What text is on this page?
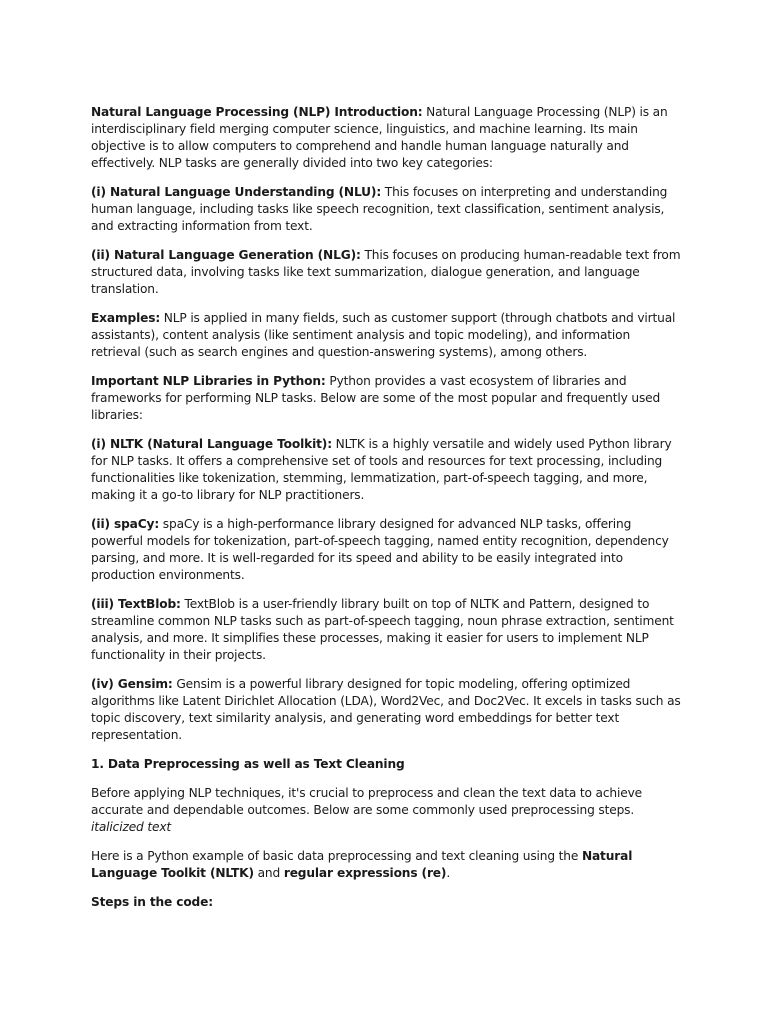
Natural Language Processing (NLP) Introduction: Natural Language Processing (NLP) is an interdisciplinary field merging computer science, linguistics, and machine learning. Its main objective is to allow computers to comprehend and handle human language naturally and effectively. NLP tasks are generally divided into two key categories:

(i) Natural Language Understanding (NLU): This focuses on interpreting and understanding human language, including tasks like speech recognition, text classification, sentiment analysis, and extracting information from text.

(ii) Natural Language Generation (NLG): This focuses on producing human-readable text from structured data, involving tasks like text summarization, dialogue generation, and language translation.

Examples: NLP is applied in many fields, such as customer support (through chatbots and virtual assistants), content analysis (like sentiment analysis and topic modeling), and information retrieval (such as search engines and question-answering systems), among others.

Important NLP Libraries in Python: Python provides a vast ecosystem of libraries and frameworks for performing NLP tasks. Below are some of the most popular and frequently used libraries:

(i) NLTK (Natural Language Toolkit): NLTK is a highly versatile and widely used Python library for NLP tasks. It offers a comprehensive set of tools and resources for text processing, including functionalities like tokenization, stemming, lemmatization, part-of-speech tagging, and more, making it a go-to library for NLP practitioners.

(ii) spaCy: spaCy is a high-performance library designed for advanced NLP tasks, offering powerful models for tokenization, part-of-speech tagging, named entity recognition, dependency parsing, and more. It is well-regarded for its speed and ability to be easily integrated into production environments.

(iii) TextBlob: TextBlob is a user-friendly library built on top of NLTK and Pattern, designed to streamline common NLP tasks such as part-of-speech tagging, noun phrase extraction, sentiment analysis, and more. It simplifies these processes, making it easier for users to implement NLP functionality in their projects.

(iv) Gensim: Gensim is a powerful library designed for topic modeling, offering optimized algorithms like Latent Dirichlet Allocation (LDA), Word2Vec, and Doc2Vec. It excels in tasks such as topic discovery, text similarity analysis, and generating word embeddings for better text representation.

1. Data Preprocessing as well as Text Cleaning

Before applying NLP techniques, it's crucial to preprocess and clean the text data to achieve accurate and dependable outcomes. Below are some commonly used preprocessing steps.
italicized text

Here is a Python example of basic data preprocessing and text cleaning using the Natural Language Toolkit (NLTK) and regular expressions (re).

Steps in the code:
